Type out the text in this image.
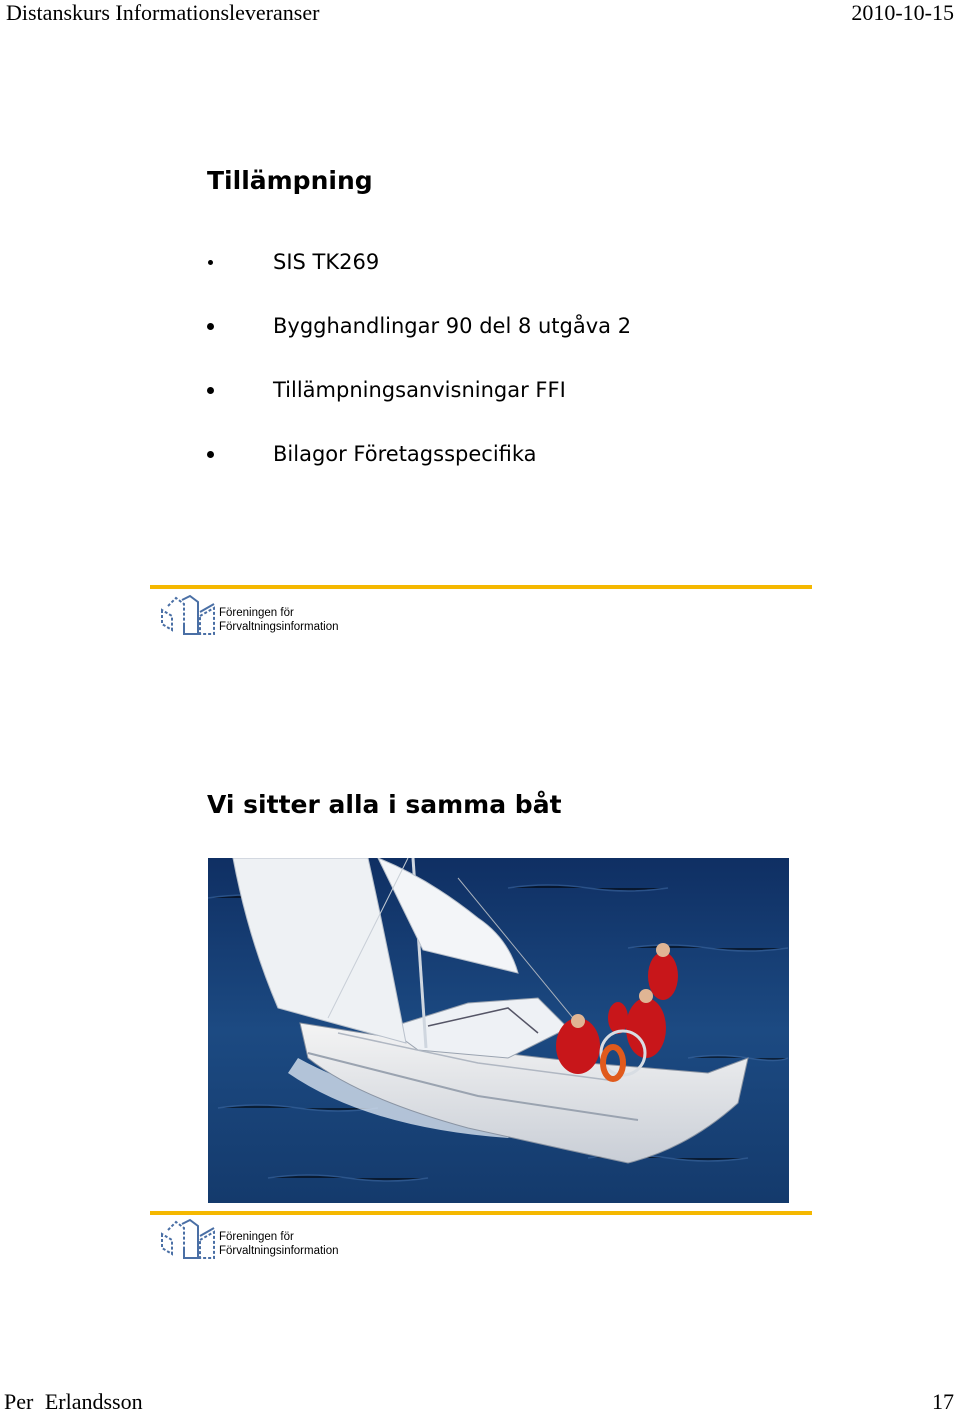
Distanskurs Informationsleveranser	2010-10-15
Tillämpning
SIS TK269
Bygghandlingar 90 del 8 utgåva 2
Tillämpningsanvisningar FFI
Bilagor Företagsspecifika
Föreningen för
Förvaltningsinformation
Vi sitter alla i samma båt
Föreningen för
Förvaltningsinformation
Per Erlandsson	17
